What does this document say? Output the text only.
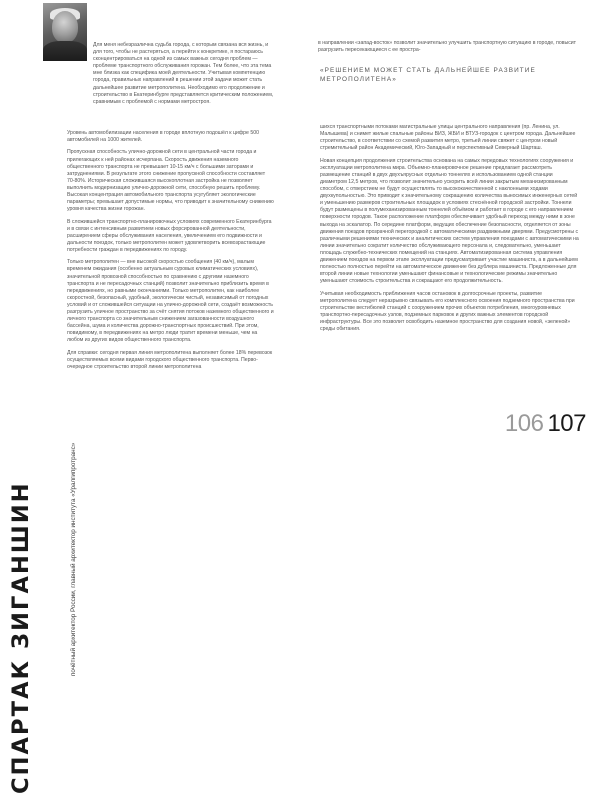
СПАРТАК ЗИГАНШИН	почётный архитектор России, главный архитектор института «Уралгипротранс»
Для меня небезразлична судьба города, с которым связана вся жизнь, и для того, чтобы не растеряться, а перейти к конкретике, я постараюсь сконцентрироваться на одной из самых важных сегодня проблем — проблеме транспортного обслуживания горожан. Тем более, что эта тема мне близка как специфика моей деятельности. Учитывая компетенцию города, правильных направлений в решении этой задачи может стать дальнейшее развитие метрополитена. Необходимо его продолжение и строительство в Екатеринбурге представляется критическим положением, сравнимым с проблемой с нормами метростроя.

Уровень автомобилизации населения в городе вплотную подошёл к цифре 500 автомобилей на 1000 жителей.

Пропускная способность улично-дорожной сети в центральной части города и прилегающих к ней районах исчерпана. Скорость движения наземного общественного транспорта не превышает 10-15 км/ч с большими заторами и затруднениями. В результате этого снижение пропускной способности составляет 70-80%. Историческая сложившаяся высокоплотная застройка не позволяет выполнить модернизацию улично-дорожной сети, способную решить проблему. Высокая концентрация автомобильного транспорта усугубляет экологические параметры; превышает допустимые нормы, что приводит к значительному снижению уровня качества жизни горожан.

В сложившейся транспортно-планировочных условиях современного Екатеринбурга и в связи с интенсивным развитием новых форсированной деятельности, расширением сферы обслуживания населения, увеличением его подвижности и дальности поездок, только метрополитен может удовлетворить всевозрастающие потребности граждан в передвижениях по городу.

Только метрополитен — вне высокой скоростью сообщения (40 км/ч), малым временем ожидания (особенно актуальным суровых климатических условиях), значительной провозной способностью по сравнению с другими наземного транспорта и не пересадочных станций) позволит значительно приблизить время в передвижениях, но равными окончаниями. Только метрополитен, как наиболее скоростной, безопасный, удобный, экологически чистый, независимый от погодных условий и от сложившейся ситуации на улично-дорожной сети, создаёт возможность разгрузить уличное пространство за счёт снятия потоков наземного общественного и личного транспорта со значительным снижением загазованности воздушного бассейна, шума и количества дорожно-транспортных происшествий. При этом, повидимому, в передвижениях на метро люди тратит времени меньше, чем на любом из других видов общественного транспорта.

Для справки: сегодня первая линия метрополитена выполняет более 18% перевозок осуществляемых всеми видами городского общественного транспорта. Перво-очередное строительство второй линии метрополитена

в направлении «запад-восток» позволит значительно улучшить транспортную ситуацию в городе, повысит разгрузить пересекающиеся с ее простра-
«РЕШЕНИЕМ МОЖЕТ СТАТЬ ДАЛЬНЕЙШЕЕ РАЗВИТИЕ МЕТРОПОЛИТЕНА»

шихся транспортными потоками магистральные улицы центрального направления (пр. Ленина, ул. Малышева) и снимет жилые спальные районы ВИЗ, ЖБИ и ВТУЗ-городок с центром города. Дальнейшее строительство, в соответствии со схемой развития метро, третьей линии свяжет с центром новый стремительный район Академический, Юго-Западный и перспективный Северный Шарташ.

Новая концепция продолжения строительства основана на самых передовых технологиях сооружения и эксплуатации метрополитена мира. Объемно-планировочное решение предлагает рассмотреть размещение станций в двух двухъярусных отдельно тоннелях и использованием одной станции диаметром 12,5 метров, что позволит значительно ускорить всей линии закрытым механизированным способом, с отверстием не будут осуществлять то высококачественной с наклонными ходами двухкупольностью. Это приводит к значительному сокращению количества выносимых инженерных сетей и уменьшению размеров строительных площадок в условиях стеснённой городской застройки. Тоннели будут размещены в полумеханизированным тоннелей объёмом и работает в городе с его направлением поверхности городов. Такое расположение платформ обеспечивает удобный переход между ними в зоне выхода на эскалатор. По середине платформ, ведущих обеспечение безопасности, отделяется от зоны движения поездов прозрачной перегородкой с автоматическими раздвижными дверями. Предусмотрены с различными решениями технических и аналитических систем управления поездами с автоматическими на линии значительно сократит количество обслуживающего персонала и, следовательно, уменьшает площадь служебно-технических помещений на станциях. Автоматизированная система управления движением поездов на первом этапе эксплуатации предусматривает участие машиниста, а в дальнейшем полностью полностью перейти на автоматическое движение без дублера машиниста. Предложенные для второй линии новые технологии уменьшают финансовые и технологические режимы значительно уменьшают стоимость строительства и сокращают его продолжительность.

Учитывая необходимость приближения часов остановок в долгосрочные проекты, развитие метрополитена следует неразрывно связывать его комплексного освоения подземного пространства при строительстве вестибюлей станций с сооружением прочих объектов потребления, многоуровневых транспортно-пересадочных узлов, подземных парковок и других важных элементов городской инфраструктуры. Все это позволит освободить наземное пространство для создания новой, «зеленой» среды обитания.

106 107
